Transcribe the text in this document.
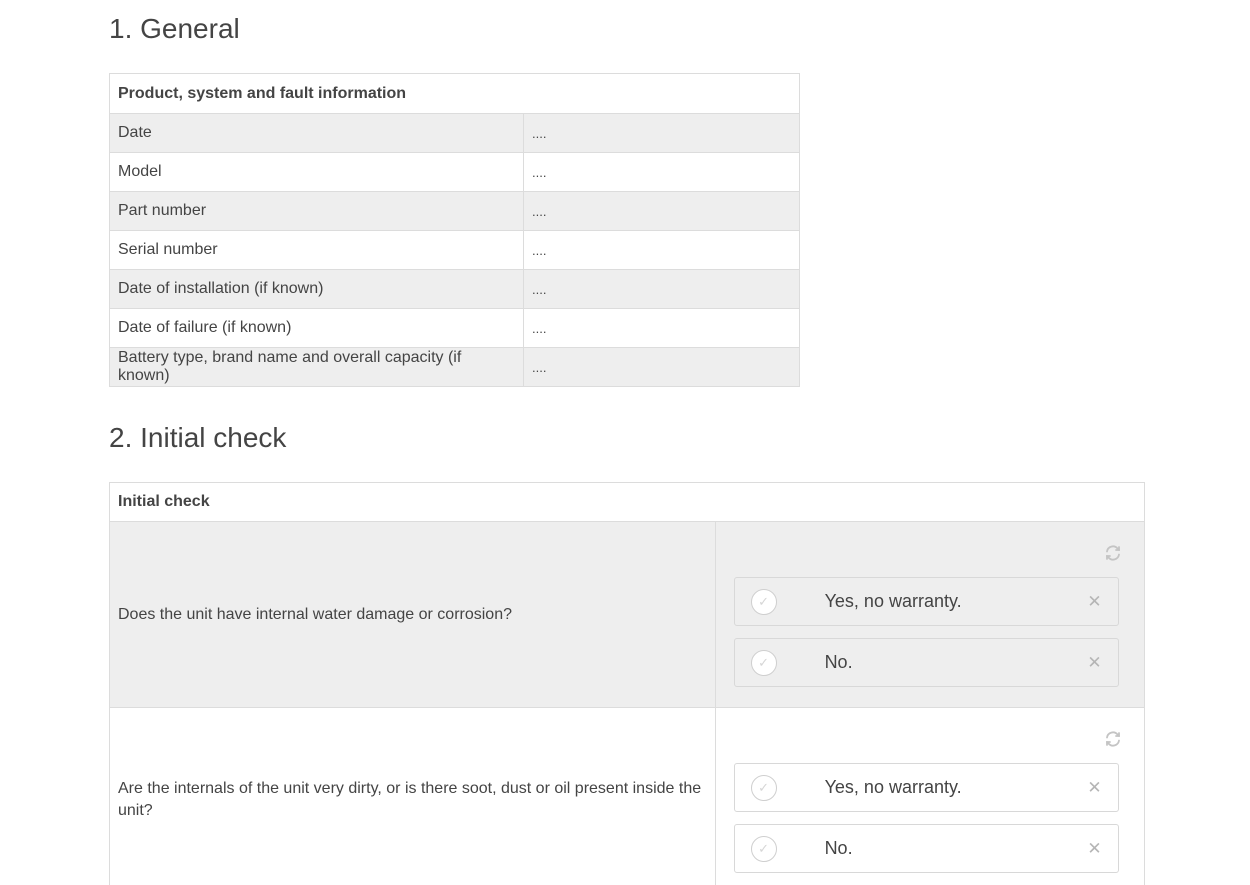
1. General
Product, system and fault information	
Date	....
Model	....
Part number	....
Serial number	....
Date of installation (if known)	....
Date of failure (if known)	....
Battery type, brand name and overall capacity (if known)	....
2. Initial check
Initial check
Does the unit have internal water damage or corrosion?
✓	Yes, no warranty.	✕
✓	No.	✕
Are the internals of the unit very dirty, or is there soot, dust or oil present inside the unit?
✓	Yes, no warranty.	✕
✓	No.	✕
